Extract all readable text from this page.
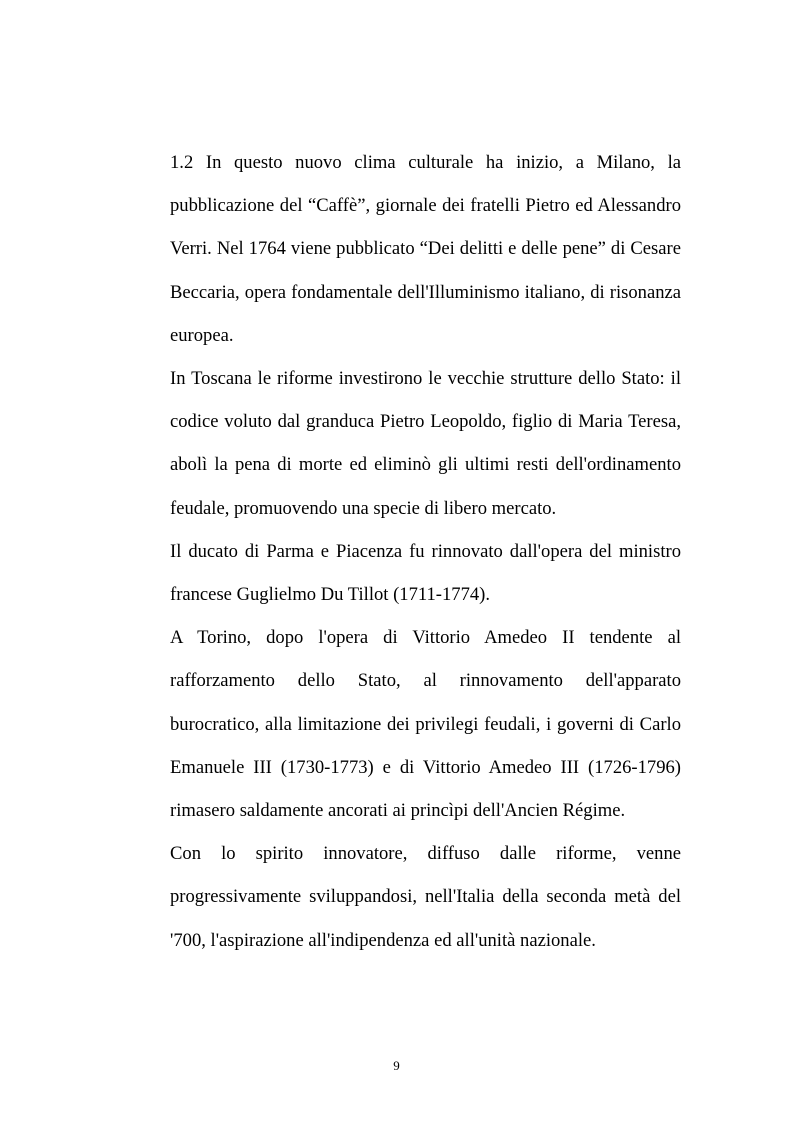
1.2 In questo nuovo clima culturale ha inizio, a Milano, la pubblicazione del “Caffè”, giornale dei fratelli Pietro ed Alessandro Verri. Nel 1764 viene pubblicato “Dei delitti e delle pene” di Cesare Beccaria, opera fondamentale dell'Illuminismo italiano, di risonanza europea.

In Toscana le riforme investirono le vecchie strutture dello Stato: il codice voluto dal granduca Pietro Leopoldo, figlio di Maria Teresa, abolì la pena di morte ed eliminò gli ultimi resti dell'ordinamento feudale, promuovendo una specie di libero mercato.

Il ducato di Parma e Piacenza fu rinnovato dall'opera del ministro francese Guglielmo Du Tillot (1711-1774).

A Torino, dopo l'opera di Vittorio Amedeo II tendente al rafforzamento dello Stato, al rinnovamento dell'apparato burocratico, alla limitazione dei privilegi feudali, i governi di Carlo Emanuele III (1730-1773) e di Vittorio Amedeo III (1726-1796) rimasero saldamente ancorati ai princìpi dell'Ancien Régime.

Con lo spirito innovatore, diffuso dalle riforme, venne progressivamente sviluppandosi, nell'Italia della seconda metà del '700, l'aspirazione all'indipendenza ed all'unità nazionale.

9
